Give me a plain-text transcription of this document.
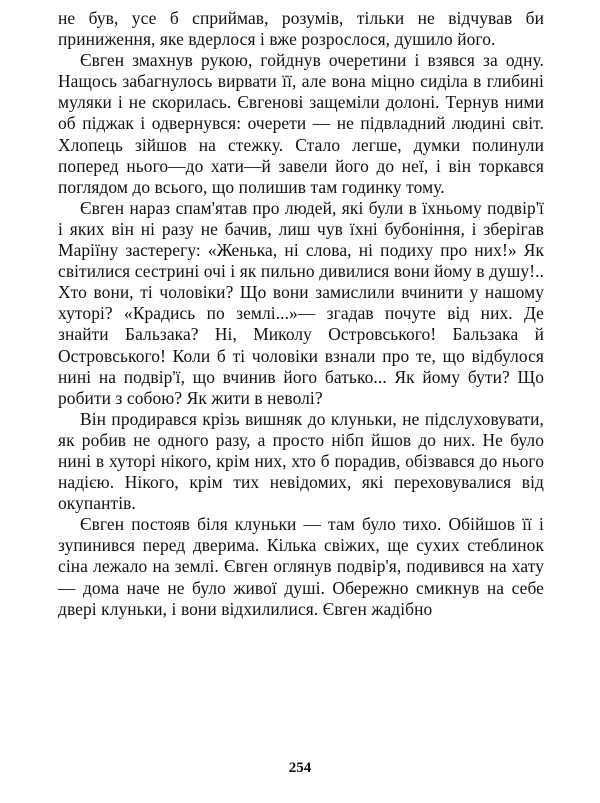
не був, усе б сприймав, розумів, тільки не відчував би приниження, яке вдерлося і вже розрослося, душило його.

Євген змахнув рукою, гойднув очеретини і взявся за одну. Нащось забагнулось вирвати її, але вона міцно сиділа в глибині муляки і не скорилась. Євгенові защеміли долоні. Тернув ними об піджак і одвернувся: очерети — не підвладний людині світ. Хлопець зійшов на стежку. Стало легше, думки полинули поперед нього—до хати—й завели його до неї, і він торкався поглядом до всього, що полишив там годинку тому.

Євген нараз спам'ятав про людей, які були в їхньому подвір'ї і яких він ні разу не бачив, лиш чув їхні бубоніння, і зберігав Маріїну застерегу: «Женька, ні слова, ні подиху про них!» Як світилися сестрині очі і як пильно дивилися вони йому в душу!.. Хто вони, ті чоловіки? Що вони замислили вчинити у нашому хуторі? «Крадись по землі...»— згадав почуте від них. Де знайти Бальзака? Ні, Миколу Островського! Бальзака й Островського! Коли б ті чоловіки взнали про те, що відбулося нині на подвір'ї, що вчинив його батько... Як йому бути? Що робити з собою? Як жити в неволі?

Він продирався крізь вишняк до клуньки, не підслуховувати, як робив не одного разу, а просто нібп йшов до них. Не було нині в хуторі нікого, крім них, хто б порадив, обізвався до нього надією. Нікого, крім тих невідомих, які переховувалися від окупантів.

Євген постояв біля клуньки — там було тихо. Обійшов її і зупинився перед дверима. Кілька свіжих, ще сухих стеблинок сіна лежало на землі. Євген оглянув подвір'я, подивився на хату — дома наче не було живої душі. Обережно смикнув на себе двері клуньки, і вони відхилилися. Євген жадібно

254
